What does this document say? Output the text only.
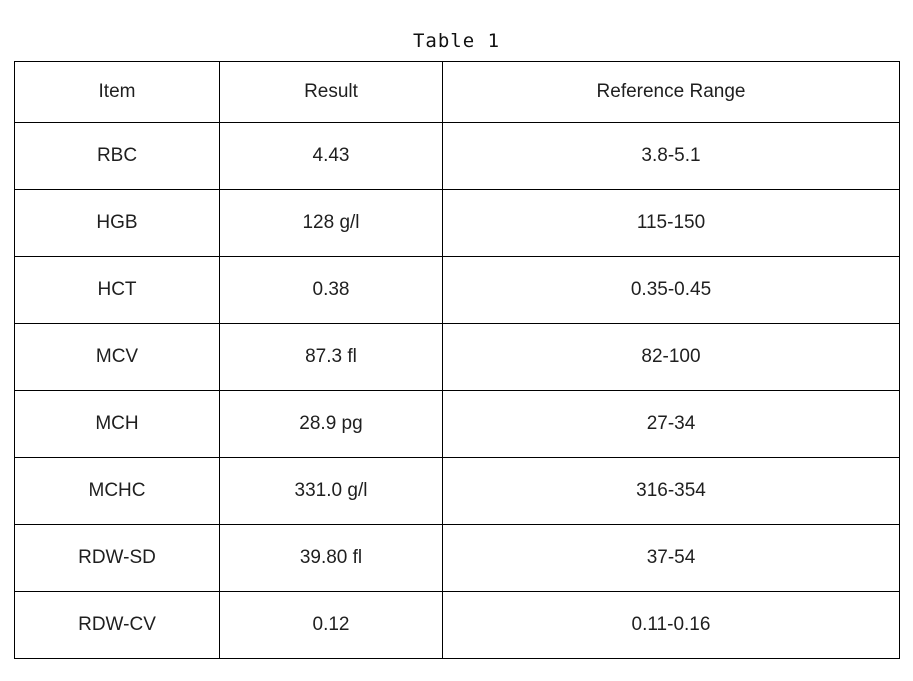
Table 1
Item	Result	Reference Range
RBC	4.43	3.8-5.1
HGB	128 g/l	115-150
HCT	0.38	0.35-0.45
MCV	87.3 fl	82-100
MCH	28.9 pg	27-34
MCHC	331.0 g/l	316-354
RDW-SD	39.80 fl	37-54
RDW-CV	0.12	0.11-0.16
